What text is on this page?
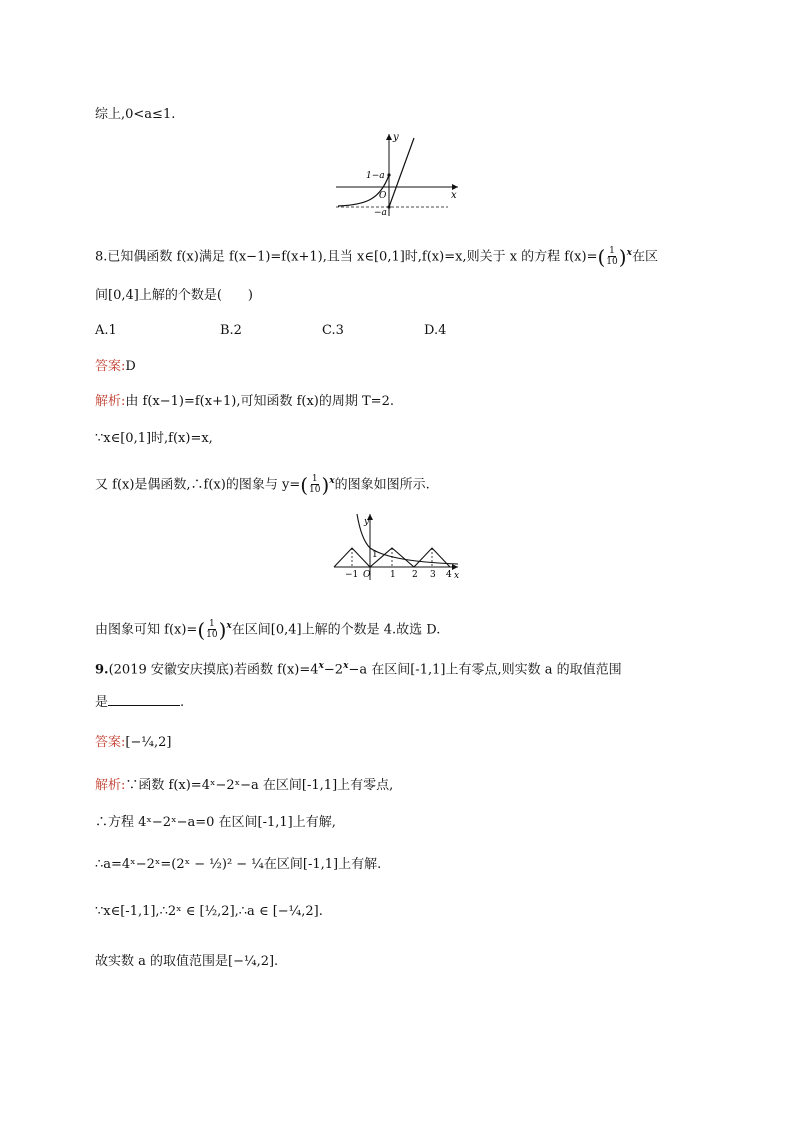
综上,0<a≤1.
y
x
1−a
O
−a
8.已知偶函数 f(x)满足 f(x−1)=f(x+1),且当 x∈[0,1]时,f(x)=x,则关于 x 的方程 $f(x)=( \frac{1}{10} )^x$在区
间[0,4]上解的个数是(　　)
A.1	B.2	C.3	D.4
答案:D
解析:由 f(x−1)=f(x+1),可知函数 f(x)的周期 T=2.
∵x∈[0,1]时,f(x)=x,
又 f(x)是偶函数,∴f(x)的图象与 $y=( \frac{1}{10} )^x$的图象如图所示.
y
1
O	x
−1	1 2 3 4
由图象可知 $f(x)=( \frac{1}{10} )^x$在区间[0,4]上解的个数是 4.故选 D.
9.(2019 安徽安庆摸底)若函数 $f(x)=4^x-2^x-a$ 在区间[-1,1]上有零点,则实数 a 的取值范围
是	.
答案:[−¼,2]
解析:∵函数 f(x)=4ˣ−2ˣ−a 在区间[-1,1]上有零点,
∴方程 4ˣ−2ˣ−a=0 在区间[-1,1]上有解,
∴a=4ˣ−2ˣ=(2ˣ − ½)² − ¼在区间[-1,1]上有解.
∵x∈[-1,1],∴2ˣ ∈ [½,2],∴a ∈ [−¼,2].
故实数 a 的取值范围是[−¼,2].
